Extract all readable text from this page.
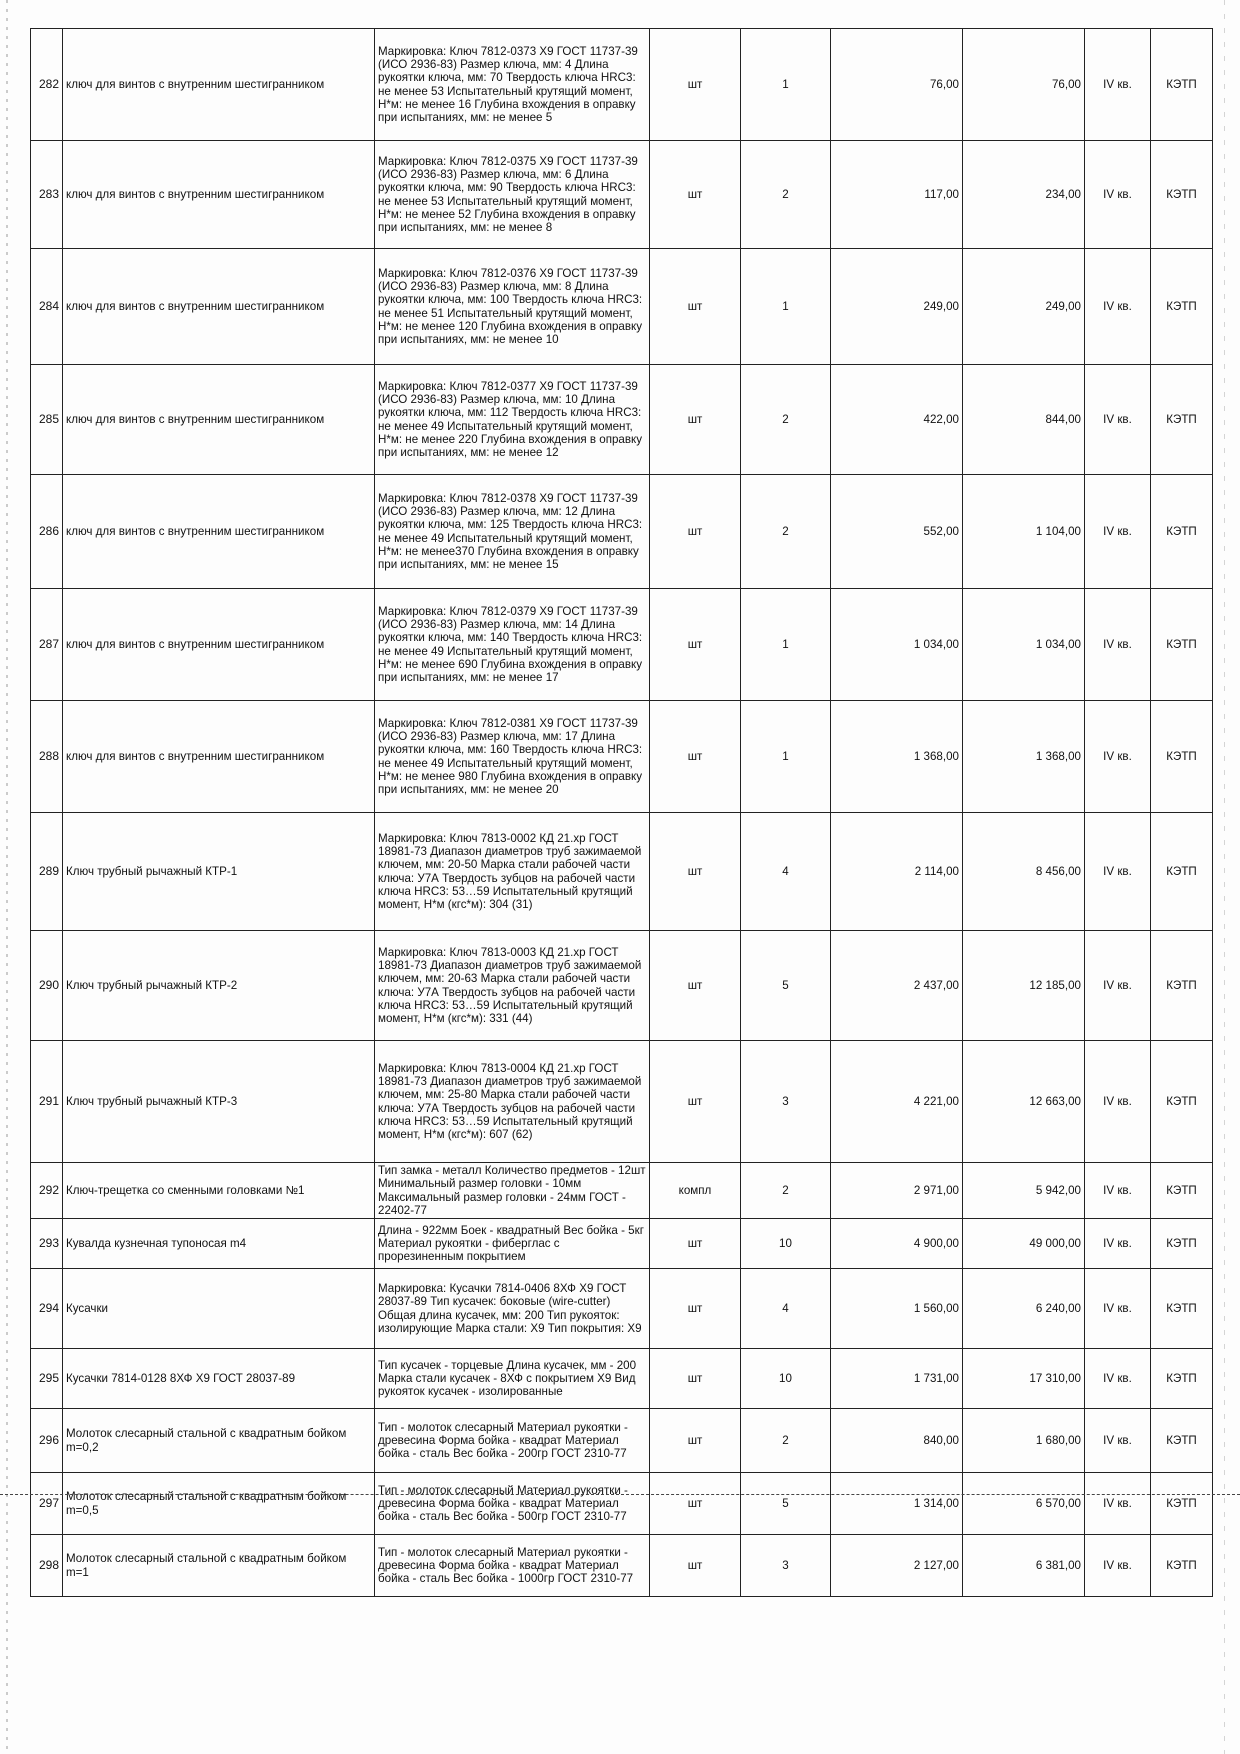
282	ключ для винтов с внутренним шестигранником	Маркировка: Ключ 7812-0373 Х9 ГОСТ 11737-39 (ИСО 2936-83) Размер ключа, мм: 4 Длина рукоятки ключа, мм: 70 Твердость ключа HRC3: не менее 53 Испытательный крутящий момент, Н*м: не менее 16 Глубина вхождения в оправку при испытаниях, мм: не менее 5	шт	1	76,00	76,00	IV кв.	КЭТП
283	ключ для винтов с внутренним шестигранником	Маркировка: Ключ 7812-0375 Х9 ГОСТ 11737-39 (ИСО 2936-83) Размер ключа, мм: 6 Длина рукоятки ключа, мм: 90 Твердость ключа HRC3: не менее 53 Испытательный крутящий момент, Н*м: не менее 52 Глубина вхождения в оправку при испытаниях, мм: не менее 8	шт	2	117,00	234,00	IV кв.	КЭТП
284	ключ для винтов с внутренним шестигранником	Маркировка: Ключ 7812-0376 Х9 ГОСТ 11737-39 (ИСО 2936-83) Размер ключа, мм: 8 Длина рукоятки ключа, мм: 100 Твердость ключа HRC3: не менее 51 Испытательный крутящий момент, Н*м: не менее 120 Глубина вхождения в оправку при испытаниях, мм: не менее 10	шт	1	249,00	249,00	IV кв.	КЭТП
285	ключ для винтов с внутренним шестигранником	Маркировка: Ключ 7812-0377 Х9 ГОСТ 11737-39 (ИСО 2936-83) Размер ключа, мм: 10 Длина рукоятки ключа, мм: 112 Твердость ключа HRC3: не менее 49 Испытательный крутящий момент, Н*м: не менее 220 Глубина вхождения в оправку при испытаниях, мм: не менее 12	шт	2	422,00	844,00	IV кв.	КЭТП
286	ключ для винтов с внутренним шестигранником	Маркировка: Ключ 7812-0378 Х9 ГОСТ 11737-39 (ИСО 2936-83) Размер ключа, мм: 12 Длина рукоятки ключа, мм: 125 Твердость ключа HRC3: не менее 49 Испытательный крутящий момент, Н*м: не менее370 Глубина вхождения в оправку при испытаниях, мм: не менее 15	шт	2	552,00	1 104,00	IV кв.	КЭТП
287	ключ для винтов с внутренним шестигранником	Маркировка: Ключ 7812-0379 Х9 ГОСТ 11737-39 (ИСО 2936-83) Размер ключа, мм: 14 Длина рукоятки ключа, мм: 140 Твердость ключа HRC3: не менее 49 Испытательный крутящий момент, Н*м: не менее 690 Глубина вхождения в оправку при испытаниях, мм: не менее 17	шт	1	1 034,00	1 034,00	IV кв.	КЭТП
288	ключ для винтов с внутренним шестигранником	Маркировка: Ключ 7812-0381 Х9 ГОСТ 11737-39 (ИСО 2936-83) Размер ключа, мм: 17 Длина рукоятки ключа, мм: 160 Твердость ключа HRC3: не менее 49 Испытательный крутящий момент, Н*м: не менее 980 Глубина вхождения в оправку при испытаниях, мм: не менее 20	шт	1	1 368,00	1 368,00	IV кв.	КЭТП
289	Ключ трубный рычажный КТР-1	Маркировка: Ключ 7813-0002 КД 21.хр ГОСТ 18981-73 Диапазон диаметров труб зажимаемой ключем, мм: 20-50 Марка стали рабочей части ключа: У7А Твердость зубцов на рабочей части ключа HRC3: 53…59 Испытательный крутящий момент, Н*м (кгс*м): 304 (31)	шт	4	2 114,00	8 456,00	IV кв.	КЭТП
290	Ключ трубный рычажный КТР-2	Маркировка: Ключ 7813-0003 КД 21.хр ГОСТ 18981-73 Диапазон диаметров труб зажимаемой ключем, мм: 20-63 Марка стали рабочей части ключа: У7А Твердость зубцов на рабочей части ключа HRC3: 53…59 Испытательный крутящий момент, Н*м (кгс*м): 331 (44)	шт	5	2 437,00	12 185,00	IV кв.	КЭТП
291	Ключ трубный рычажный КТР-3	Маркировка: Ключ 7813-0004 КД 21.хр ГОСТ 18981-73 Диапазон диаметров труб зажимаемой ключем, мм: 25-80 Марка стали рабочей части ключа: У7А Твердость зубцов на рабочей части ключа HRC3: 53…59 Испытательный крутящий момент, Н*м (кгс*м): 607 (62)	шт	3	4 221,00	12 663,00	IV кв.	КЭТП
292	Ключ-трещетка со сменными головками №1	Тип замка - металл Количество предметов - 12шт Минимальный размер головки - 10мм Максимальный размер головки - 24мм ГОСТ - 22402-77	компл	2	2 971,00	5 942,00	IV кв.	КЭТП
293	Кувалда кузнечная тупоносая m4	Длина - 922мм Боек - квадратный Вес бойка - 5кг Материал рукоятки - фиберглас с прорезиненным покрытием	шт	10	4 900,00	49 000,00	IV кв.	КЭТП
294	Кусачки	Маркировка: Кусачки 7814-0406 8ХФ Х9 ГОСТ 28037-89 Тип кусачек: боковые (wire-cutter) Общая длина кусачек, мм: 200 Тип рукояток: изолирующие Марка стали: Х9 Тип покрытия: Х9	шт	4	1 560,00	6 240,00	IV кв.	КЭТП
295	Кусачки 7814-0128 8ХФ Х9 ГОСТ 28037-89	Тип кусачек - торцевые Длина кусачек, мм - 200 Марка стали кусачек - 8ХФ с покрытием Х9 Вид рукояток кусачек - изолированные	шт	10	1 731,00	17 310,00	IV кв.	КЭТП
296	Молоток слесарный стальной с квадратным бойком m=0,2	Тип - молоток слесарный Материал рукоятки - древесина Форма бойка - квадрат Материал бойка - сталь Вес бойка - 200гр ГОСТ 2310-77	шт	2	840,00	1 680,00	IV кв.	КЭТП
297	Молоток слесарный стальной с квадратным бойком m=0,5	Тип - молоток слесарный Материал рукоятки - древесина Форма бойка - квадрат Материал бойка - сталь Вес бойка - 500гр ГОСТ 2310-77	шт	5	1 314,00	6 570,00	IV кв.	КЭТП
298	Молоток слесарный стальной с квадратным бойком m=1	Тип - молоток слесарный Материал рукоятки - древесина Форма бойка - квадрат Материал бойка - сталь Вес бойка - 1000гр ГОСТ 2310-77	шт	3	2 127,00	6 381,00	IV кв.	КЭТП
